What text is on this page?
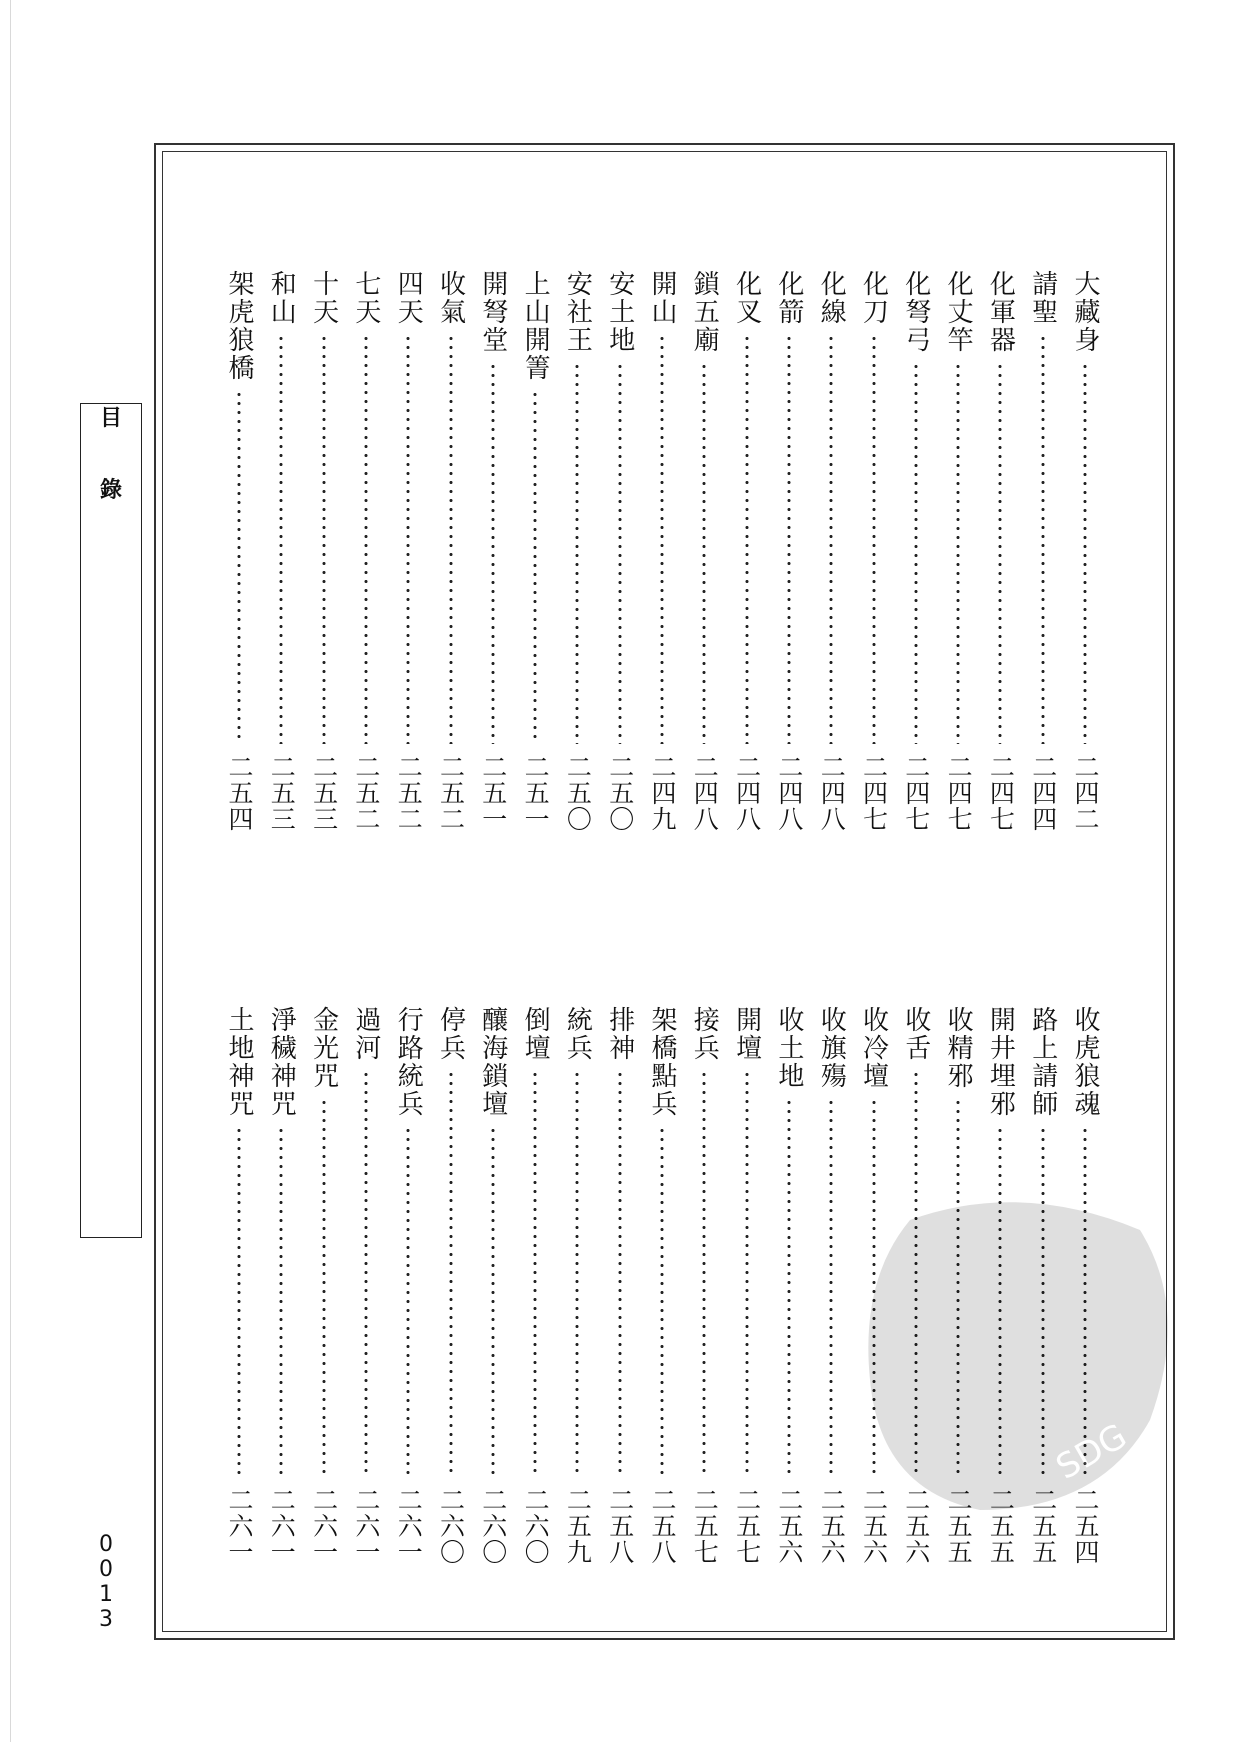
目
錄
0
0
1
3
大藏身
二四二
請聖
二四四
化軍器
二四七
化丈竿
二四七
化弩弓
二四七
化刀
二四七
化線
二四八
化箭
二四八
化叉
二四八
鎖五廟
二四八
開山
二四九
安土地
二五〇
安社王
二五〇
上山開箐
二五一
開弩堂
二五一
收氣
二五二
四天
二五二
七天
二五二
十天
二五三
和山
二五三
架虎狼橋
二五四
收虎狼魂
二五四
路上請師
二五五
開井埋邪
二五五
收精邪
二五五
收舌
二五六
收冷壇
二五六
收旗殤
二五六
收土地
二五六
開壇
二五七
接兵
二五七
架橋點兵
二五八
排神
二五八
統兵
二五九
倒壇
二六〇
釀海鎖壇
二六〇
停兵
二六〇
行路統兵
二六一
過河
二六一
金光咒
二六一
淨穢神咒
二六一
土地神咒
二六一
SDG
